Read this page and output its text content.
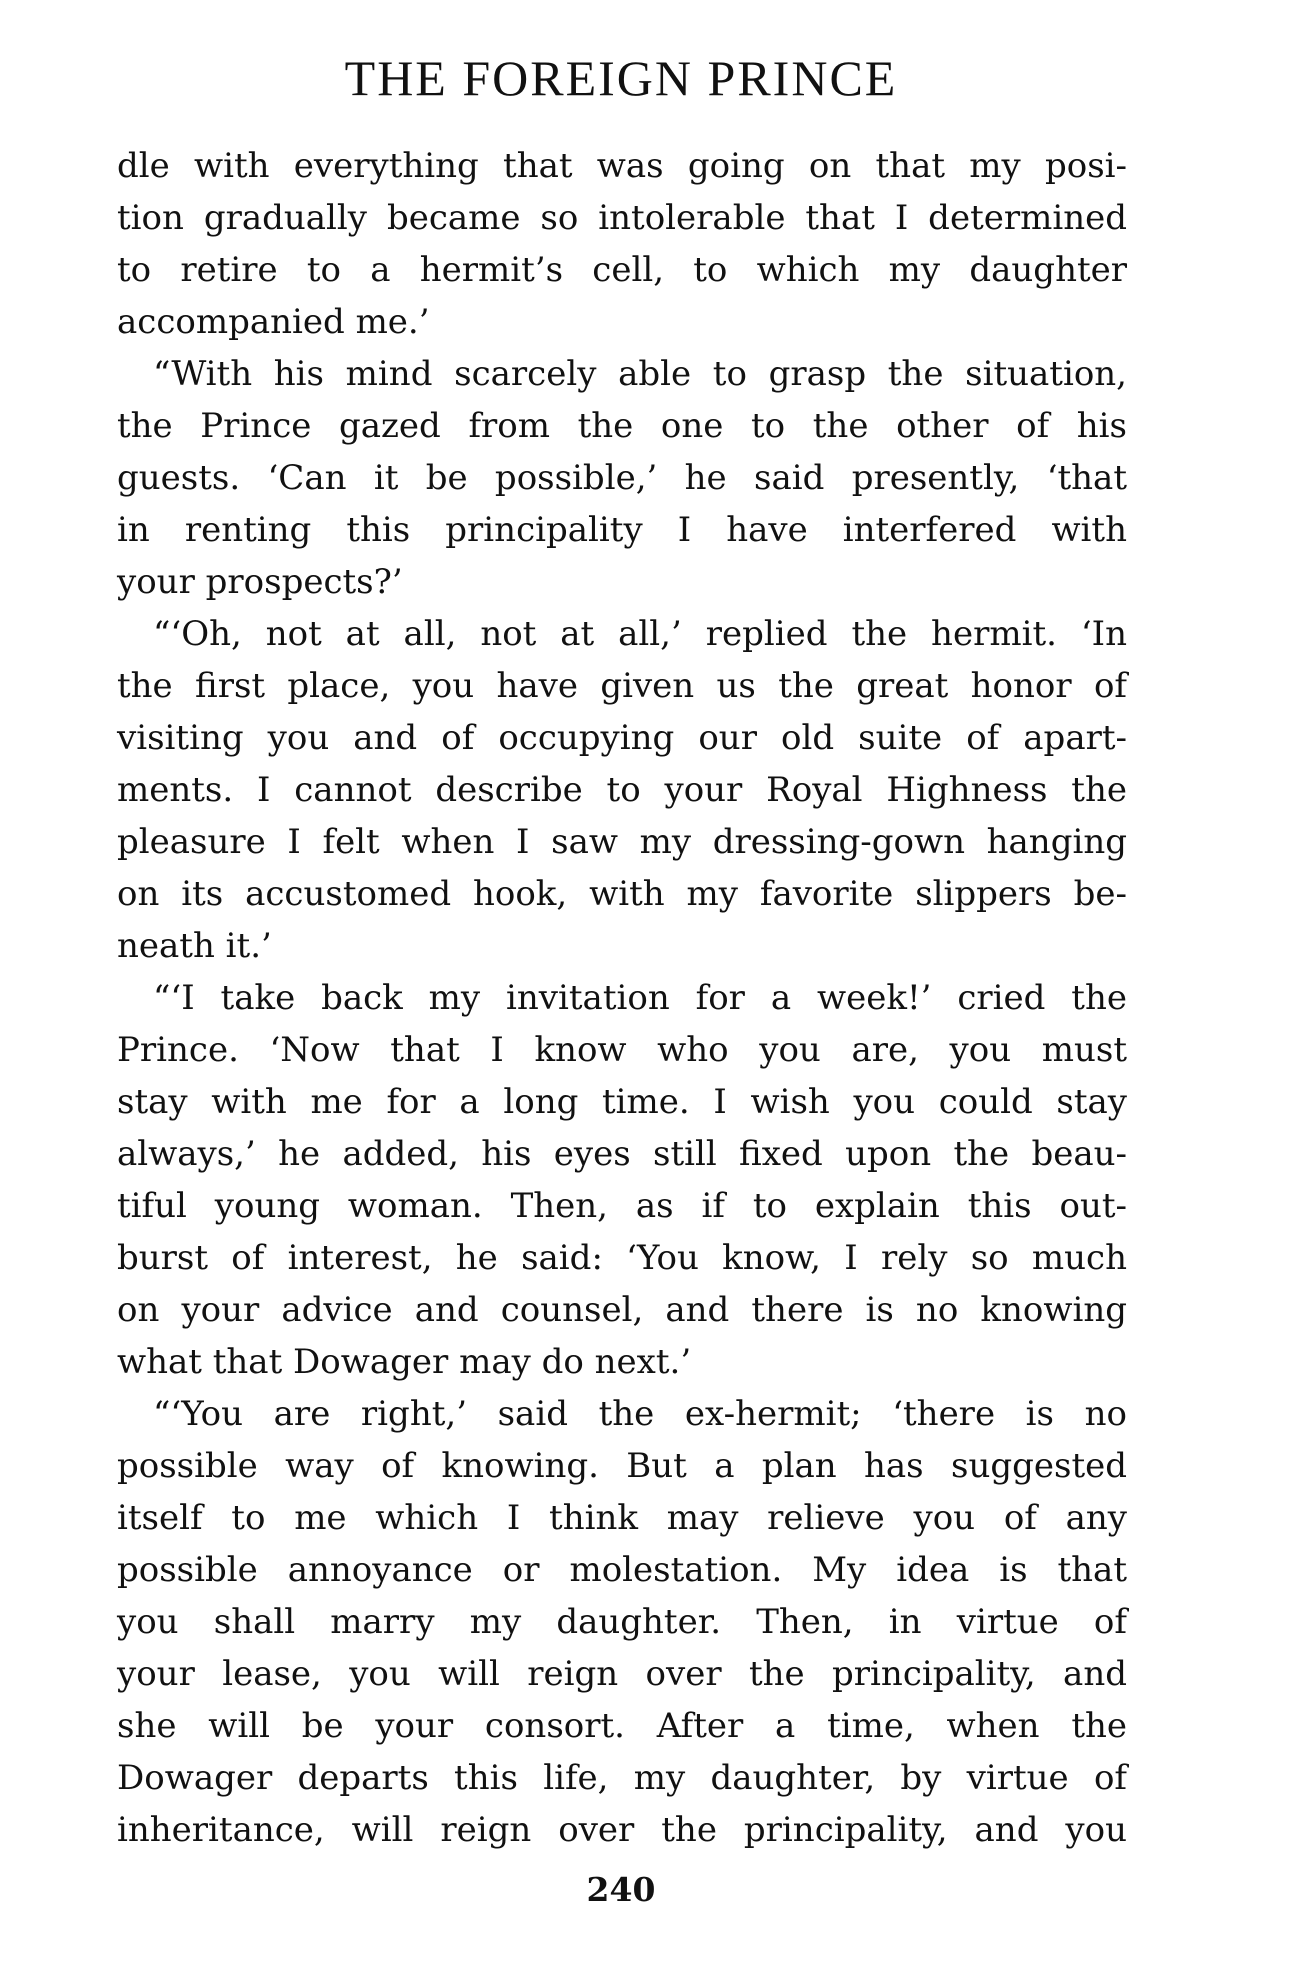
THE FOREIGN PRINCE
dle with everything that was going on that my posi-
tion gradually became so intolerable that I determined
to retire to a hermit’s cell, to which my daughter
accompanied me.’
“With his mind scarcely able to grasp the situation,
the Prince gazed from the one to the other of his
guests. ‘Can it be possible,’ he said presently, ‘that
in renting this principality I have interfered with
your prospects?’
“‘Oh, not at all, not at all,’ replied the hermit. ‘In
the first place, you have given us the great honor of
visiting you and of occupying our old suite of apart-
ments. I cannot describe to your Royal Highness the
pleasure I felt when I saw my dressing-gown hanging
on its accustomed hook, with my favorite slippers be-
neath it.’
“‘I take back my invitation for a week!’ cried the
Prince. ‘Now that I know who you are, you must
stay with me for a long time. I wish you could stay
always,’ he added, his eyes still fixed upon the beau-
tiful young woman. Then, as if to explain this out-
burst of interest, he said: ‘You know, I rely so much
on your advice and counsel, and there is no knowing
what that Dowager may do next.’
“‘You are right,’ said the ex-hermit; ‘there is no
possible way of knowing. But a plan has suggested
itself to me which I think may relieve you of any
possible annoyance or molestation. My idea is that
you shall marry my daughter. Then, in virtue of
your lease, you will reign over the principality, and
she will be your consort. After a time, when the
Dowager departs this life, my daughter, by virtue of
inheritance, will reign over the principality, and you
240
